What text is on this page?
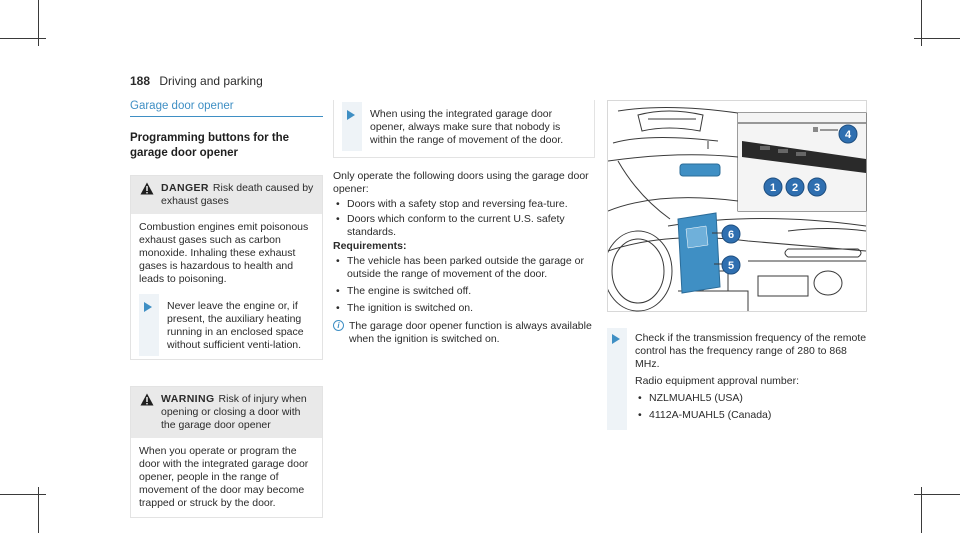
188 Driving and parking
Garage door opener
Programming buttons for the garage door opener
DANGER Risk death caused by exhaust gases

Combustion engines emit poisonous exhaust gases such as carbon monoxide. Inhaling these exhaust gases is hazardous to health and leads to poisoning.

Never leave the engine or, if present, the auxiliary heating running in an enclosed space without sufficient venti-lation.

WARNING Risk of injury when opening or closing a door with the garage door opener

When you operate or program the door with the integrated garage door opener, people in the range of movement of the door may become trapped or struck by the door.

When using the integrated garage door opener, always make sure that nobody is within the range of movement of the door.

Only operate the following doors using the garage door opener:

• Doors with a safety stop and reversing fea-ture.
• Doors which conform to the current U.S. safety standards.

Requirements:

• The vehicle has been parked outside the garage or outside the range of movement of the door.
• The engine is switched off.
• The ignition is switched on.
i The garage door opener function is always available when the ignition is switched on.
1 2 3
4
5
6

Check if the transmission frequency of the remote control has the frequency range of 280 to 868 MHz.

Radio equipment approval number:

• NZLMUAHL5 (USA)
• 4112A-MUAHL5 (Canada)
